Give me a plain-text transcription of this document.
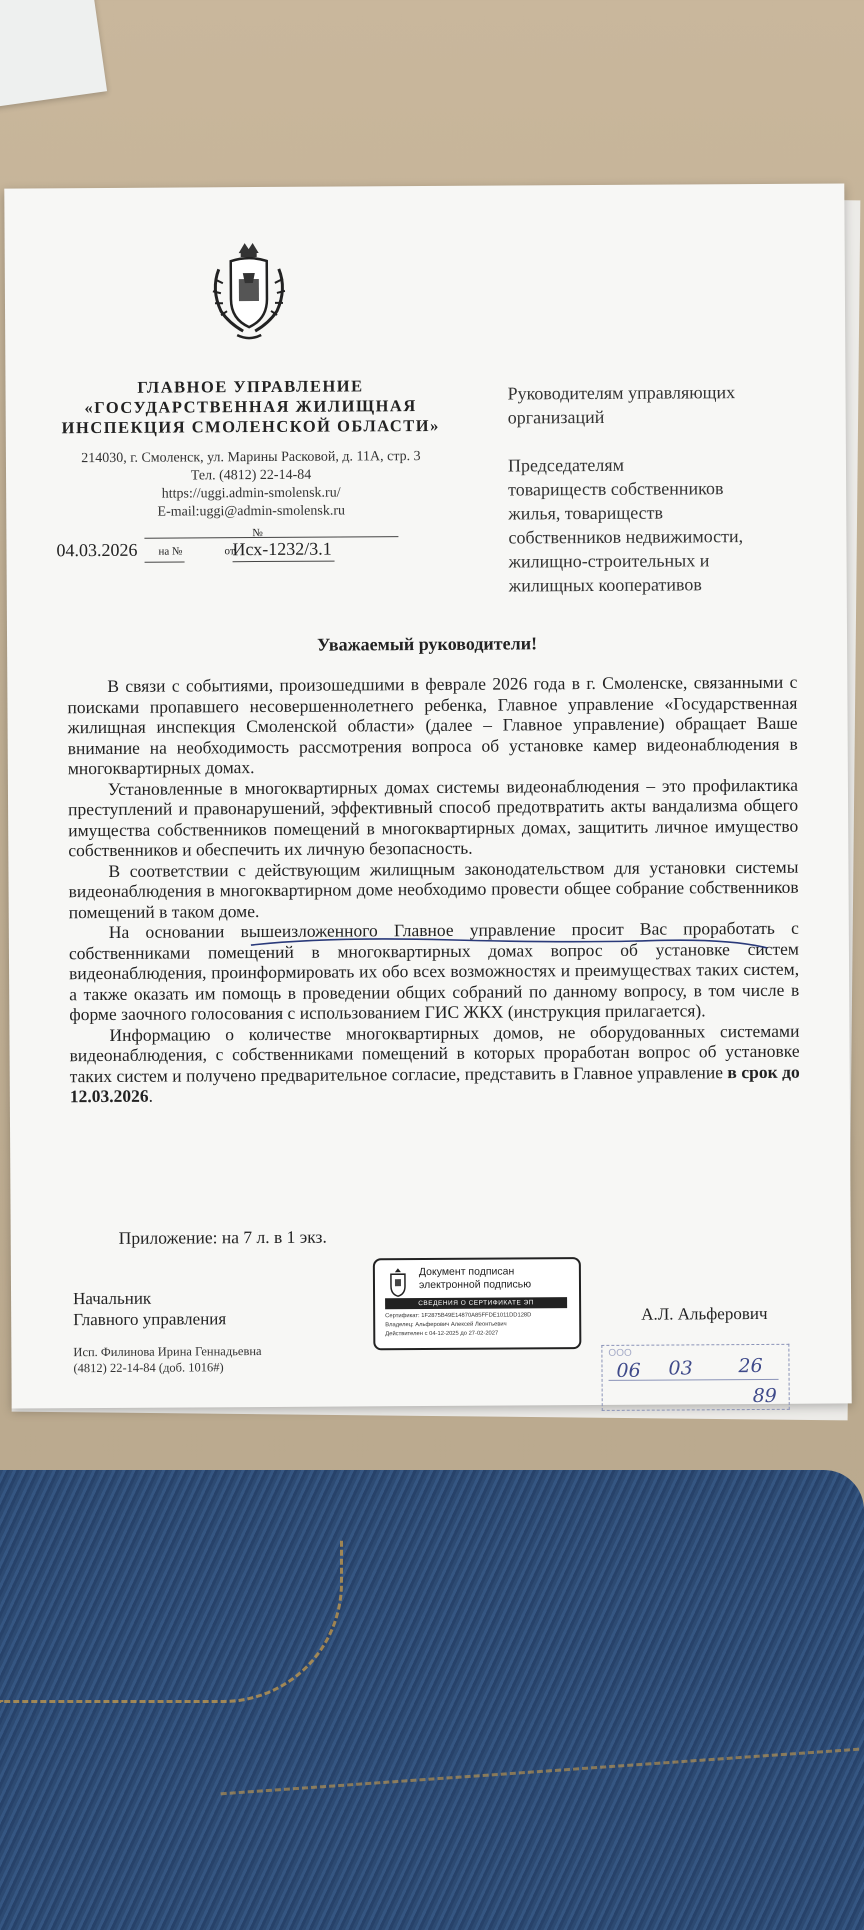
ГЛАВНОЕ УПРАВЛЕНИЕ
«ГОСУДАРСТВЕННАЯ ЖИЛИЩНАЯ
ИНСПЕКЦИЯ СМОЛЕНСКОЙ ОБЛАСТИ»
214030, г. Смоленск, ул. Марины Расковой, д. 11А, стр. 3
Тел. (4812) 22-14-84
https://uggi.admin-smolensk.ru/
E-mail:uggi@admin-smolensk.ru
№
04.03.2026 на №	от
Исх-1232/3.1
Руководителям управляющих
организаций
Председателям
товариществ собственников
жилья, товариществ
собственников недвижимости,
жилищно-строительных и
жилищных кооперативов
Уважаемый руководители!

В связи с событиями, произошедшими в феврале 2026 года в г. Смоленске, связанными с поисками пропавшего несовершеннолетнего ребенка, Главное управление «Государственная жилищная инспекция Смоленской области» (далее – Главное управление) обращает Ваше внимание на необходимость рассмотрения вопроса об установке камер видеонаблюдения в многоквартирных домах.

Установленные в многоквартирных домах системы видеонаблюдения – это профилактика преступлений и правонарушений, эффективный способ предотвратить акты вандализма общего имущества собственников помещений в многоквартирных домах, защитить личное имущество собственников и обеспечить их личную безопасность.

В соответствии с действующим жилищным законодательством для установки системы видеонаблюдения в многоквартирном доме необходимо провести общее собрание собственников помещений в таком доме.

На основании вышеизложенного Главное управление просит Вас проработать с собственниками помещений в многоквартирных домах вопрос об установке систем видеонаблюдения, проинформировать их обо всех возможностях и преимуществах таких систем, а также оказать им помощь в проведении общих собраний по данному вопросу, в том числе в форме заочного голосования с использованием ГИС ЖКХ (инструкция прилагается).

Информацию о количестве многоквартирных домов, не оборудованных системами видеонаблюдения, с собственниками помещений в которых проработан вопрос об установке таких систем и получено предварительное согласие, представить в Главное управление в срок до 12.03.2026.

Приложение: на 7 л. в 1 экз.
Начальник
Главного управления
Документ подписан
электронной подписью
СВЕДЕНИЯ О СЕРТИФИКАТЕ ЭП
Сертификат: 1F2875B49E14870A85FFDE1011DD128D
Владелец: Альферович Алексей Леонтьевич
Действителен с 04-12-2025 до 27-02-2027
А.Л. Альферович
Исп. Филинова Ирина Геннадьевна
(4812) 22-14-84 (доб. 1016#)
ООО
06 03 26
89
